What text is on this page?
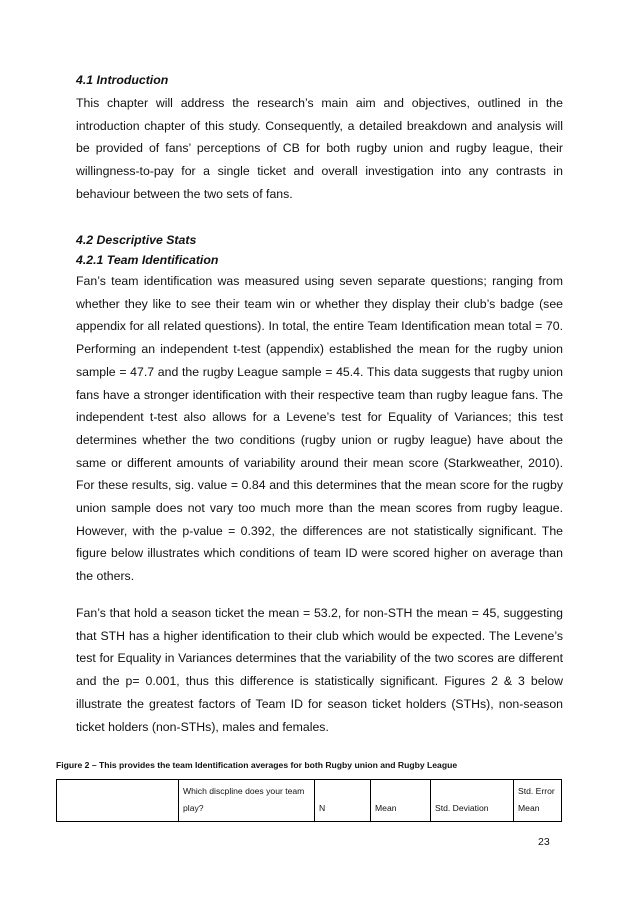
4.1 Introduction

This chapter will address the research’s main aim and objectives, outlined in the introduction chapter of this study. Consequently, a detailed breakdown and analysis will be provided of fans’ perceptions of CB for both rugby union and rugby league, their willingness-to-pay for a single ticket and overall investigation into any contrasts in behaviour between the two sets of fans.

4.2 Descriptive Stats
4.2.1 Team Identification

Fan’s team identification was measured using seven separate questions; ranging from whether they like to see their team win or whether they display their club’s badge (see appendix for all related questions). In total, the entire Team Identification mean total = 70. Performing an independent t-test (appendix) established the mean for the rugby union sample = 47.7 and the rugby League sample = 45.4. This data suggests that rugby union fans have a stronger identification with their respective team than rugby league fans. The independent t-test also allows for a Levene’s test for Equality of Variances; this test determines whether the two conditions (rugby union or rugby league) have about the same or different amounts of variability around their mean score (Starkweather, 2010). For these results, sig. value = 0.84 and this determines that the mean score for the rugby union sample does not vary too much more than the mean scores from rugby league. However, with the p-value = 0.392, the differences are not statistically significant. The figure below illustrates which conditions of team ID were scored higher on average than the others.

Fan’s that hold a season ticket the mean = 53.2, for non-STH the mean = 45, suggesting that STH has a higher identification to their club which would be expected. The Levene’s test for Equality in Variances determines that the variability of the two scores are different and the p= 0.001, thus this difference is statistically significant. Figures 2 & 3 below illustrate the greatest factors of Team ID for season ticket holders (STHs), non-season ticket holders (non-STHs), males and females.

Figure 2 – This provides the team Identification averages for both Rugby union and Rugby League
	Which discpline does your team play?	N	Mean	Std. Deviation	Std. Error Mean
23
